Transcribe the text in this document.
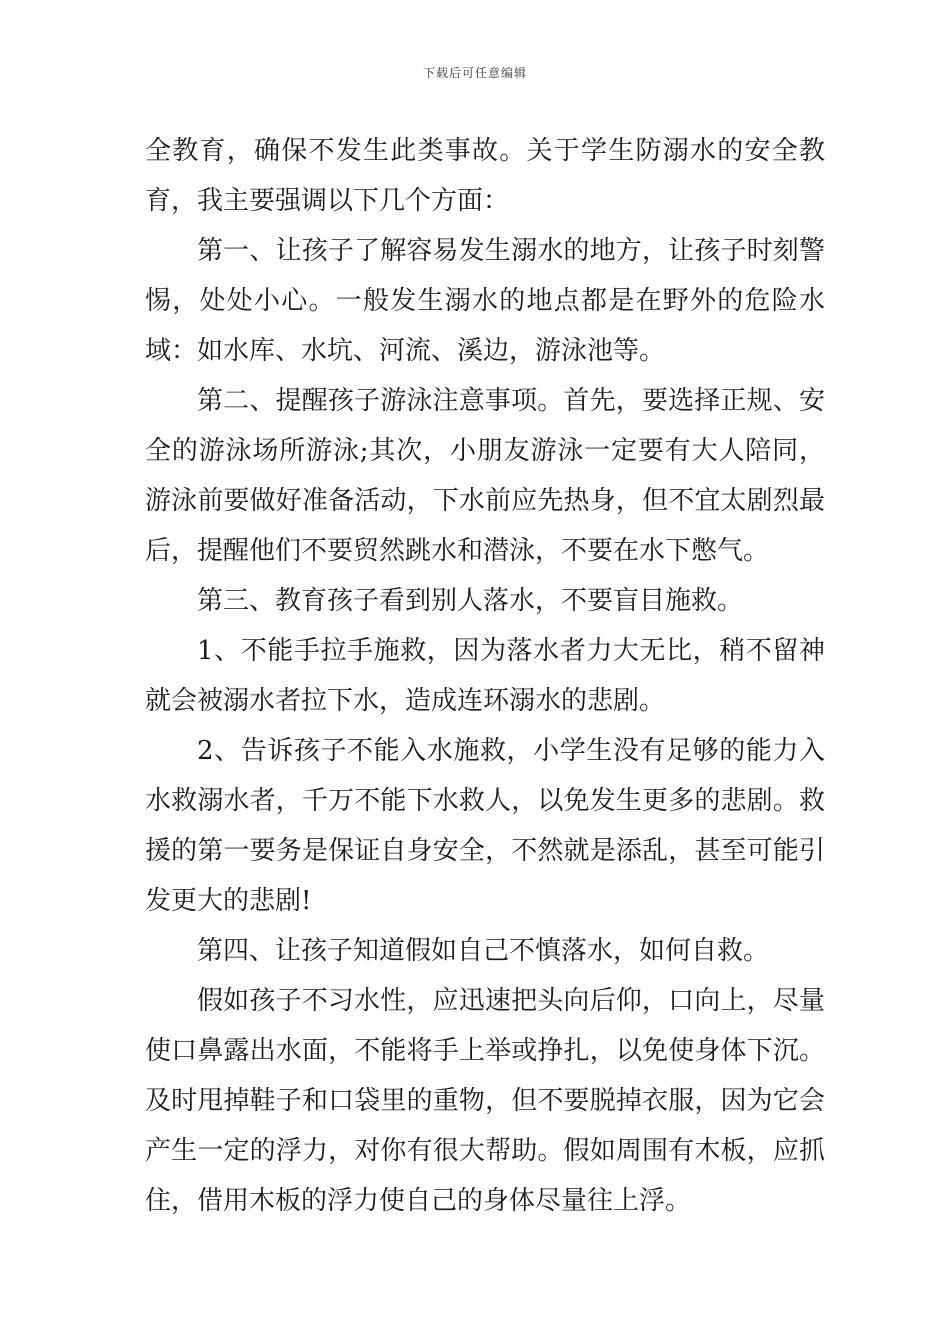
下载后可任意编辑

全教育，确保不发生此类事故。关于学生防溺水的安全教育，我主要强调以下几个方面：

第一、让孩子了解容易发生溺水的地方，让孩子时刻警惕，处处小心。一般发生溺水的地点都是在野外的危险水域：如水库、水坑、河流、溪边，游泳池等。

第二、提醒孩子游泳注意事项。首先，要选择正规、安全的游泳场所游泳;其次，小朋友游泳一定要有大人陪同，游泳前要做好准备活动，下水前应先热身，但不宜太剧烈最后，提醒他们不要贸然跳水和潜泳，不要在水下憋气。

第三、教育孩子看到别人落水，不要盲目施救。

1、不能手拉手施救，因为落水者力大无比，稍不留神就会被溺水者拉下水，造成连环溺水的悲剧。

2、告诉孩子不能入水施救，小学生没有足够的能力入水救溺水者，千万不能下水救人，以免发生更多的悲剧。救援的第一要务是保证自身安全，不然就是添乱，甚至可能引发更大的悲剧!

第四、让孩子知道假如自己不慎落水，如何自救。

假如孩子不习水性，应迅速把头向后仰，口向上，尽量使口鼻露出水面，不能将手上举或挣扎，以免使身体下沉。及时甩掉鞋子和口袋里的重物，但不要脱掉衣服，因为它会产生一定的浮力，对你有很大帮助。假如周围有木板，应抓住，借用木板的浮力使自己的身体尽量往上浮。
